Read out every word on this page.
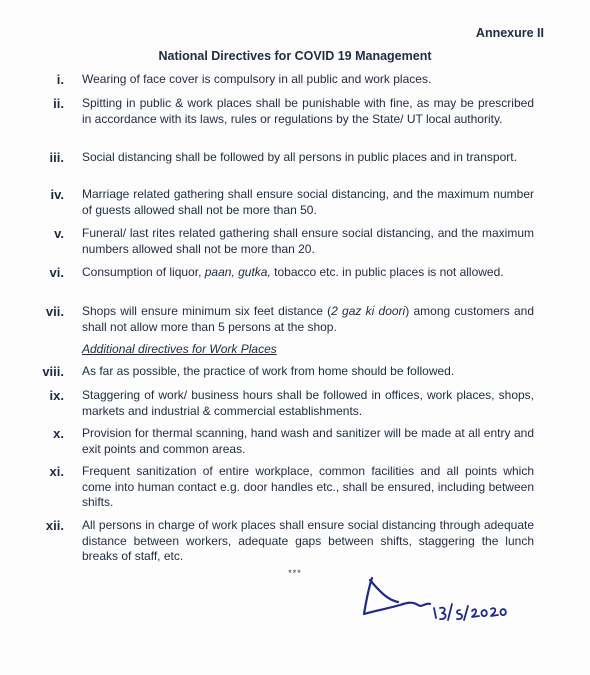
Annexure II
National Directives for COVID 19 Management
i. Wearing of face cover is compulsory in all public and work places.
ii. Spitting in public & work places shall be punishable with fine, as may be prescribed in accordance with its laws, rules or regulations by the State/ UT local authority.
iii. Social distancing shall be followed by all persons in public places and in transport.
iv. Marriage related gathering shall ensure social distancing, and the maximum number of guests allowed shall not be more than 50.
v. Funeral/ last rites related gathering shall ensure social distancing, and the maximum numbers allowed shall not be more than 20.
vi. Consumption of liquor, paan, gutka, tobacco etc. in public places is not allowed.
vii. Shops will ensure minimum six feet distance (2 gaz ki doori) among customers and shall not allow more than 5 persons at the shop.
Additional directives for Work Places
viii. As far as possible, the practice of work from home should be followed.
ix. Staggering of work/ business hours shall be followed in offices, work places, shops, markets and industrial & commercial establishments.
x. Provision for thermal scanning, hand wash and sanitizer will be made at all entry and exit points and common areas.
xi. Frequent sanitization of entire workplace, common facilities and all points which come into human contact e.g. door handles etc., shall be ensured, including between shifts.
xii. All persons in charge of work places shall ensure social distancing through adequate distance between workers, adequate gaps between shifts, staggering the lunch breaks of staff, etc.
***
